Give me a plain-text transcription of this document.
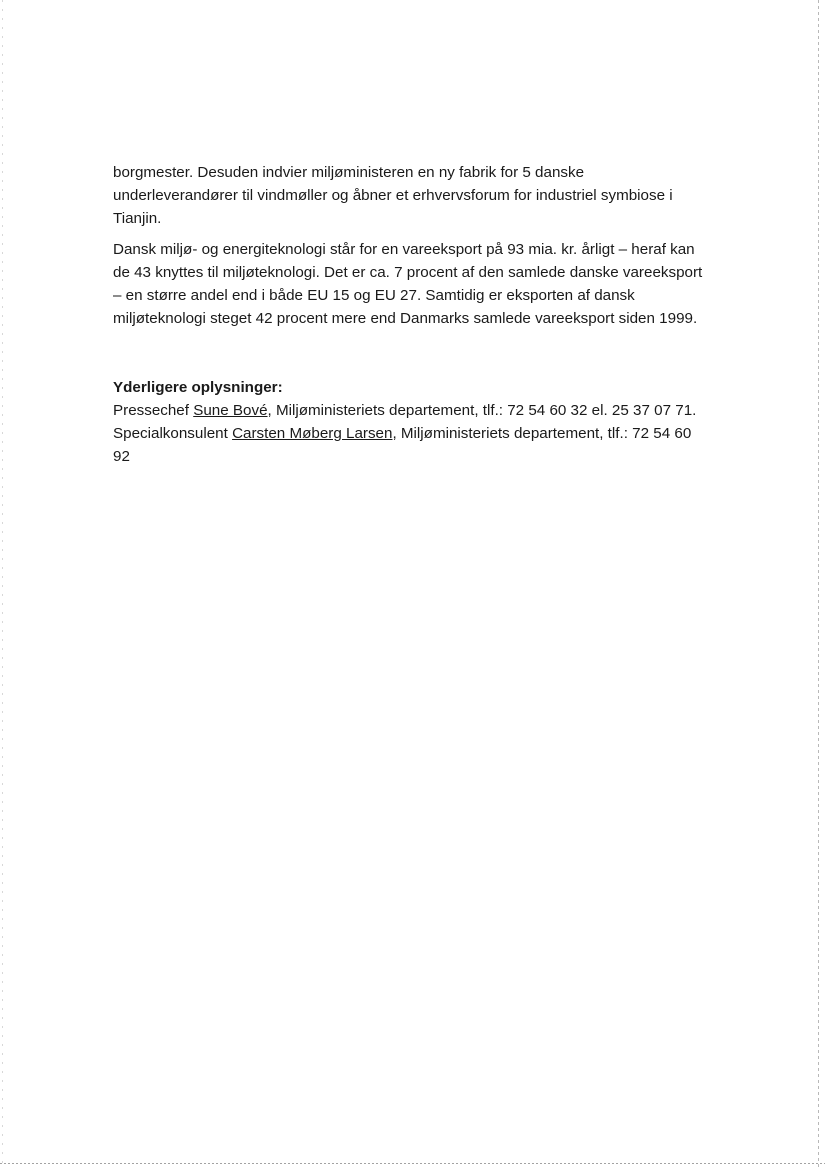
borgmester. Desuden indvier miljøministeren en ny fabrik for 5 danske underleverandører til vindmøller og åbner et erhvervsforum for industriel symbiose i Tianjin.

Dansk miljø- og energiteknologi står for en vareeksport på 93 mia. kr. årligt – heraf kan de 43 knyttes til miljøteknologi. Det er ca. 7 procent af den samlede danske vareeksport – en større andel end i både EU 15 og EU 27. Samtidig er eksporten af dansk miljøteknologi steget 42 procent mere end Danmarks samlede vareeksport siden 1999.

Yderligere oplysninger:

Pressechef Sune Bové, Miljøministeriets departement, tlf.: 72 54 60 32 el. 25 37 07 71.

Specialkonsulent Carsten Møberg Larsen, Miljøministeriets departement, tlf.: 72 54 60 92
